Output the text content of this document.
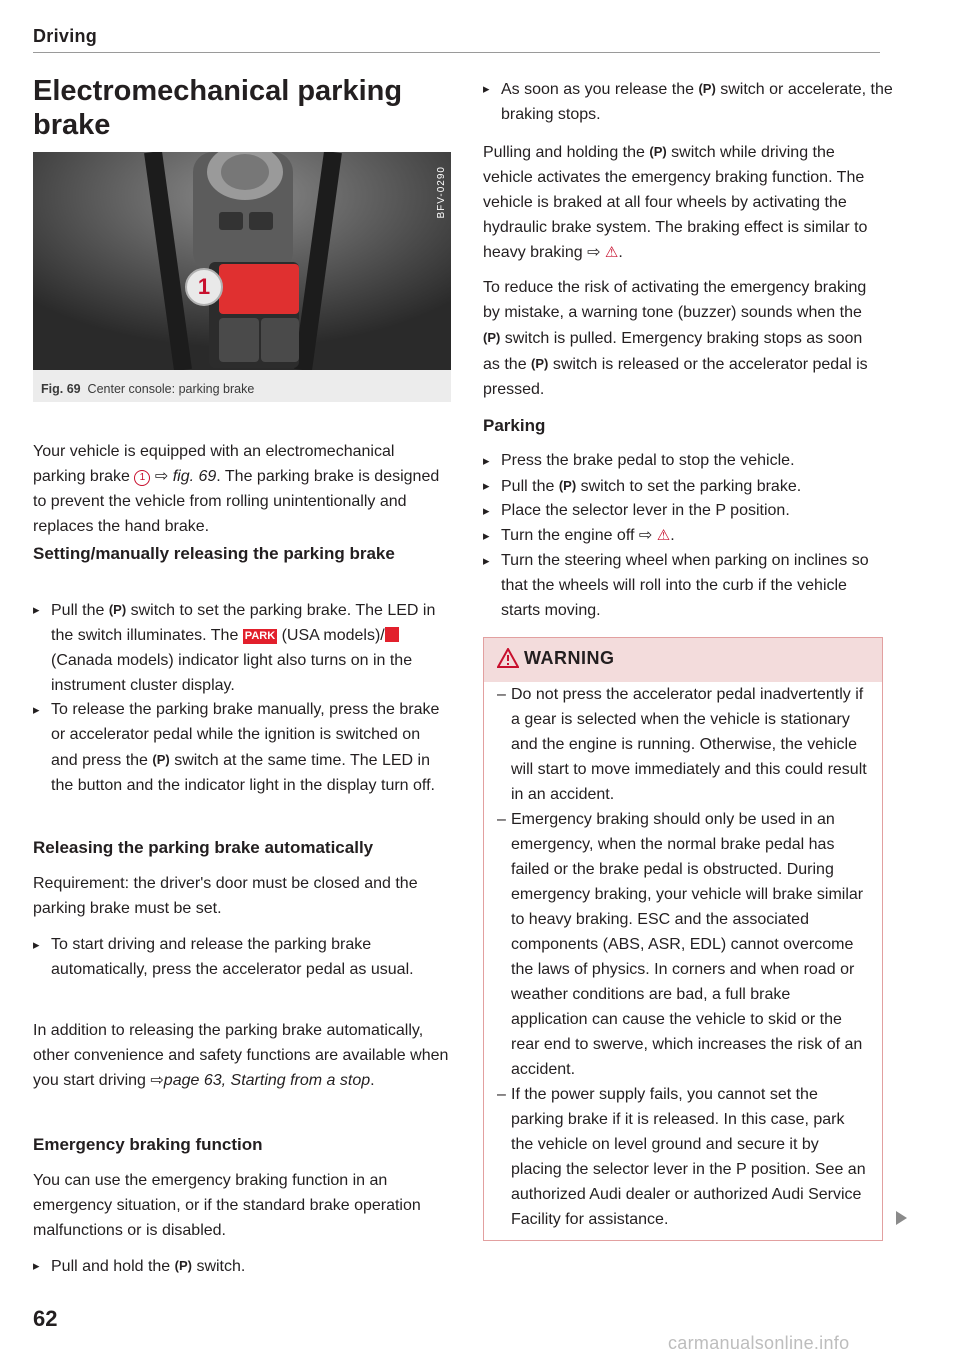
Driving
Electromechanical parking brake
BFV-0290
1
Fig. 69 Center console: parking brake

Your vehicle is equipped with an electromechanical parking brake 1 ⇨ fig. 69. The parking brake is designed to prevent the vehicle from rolling unintentionally and replaces the hand brake.

Setting/manually releasing the parking brake

▸ Pull the (P) switch to set the parking brake. The LED in the switch illuminates. The PARK (USA models)/ (Canada models) indicator light also turns on in the instrument cluster display.

▸ To release the parking brake manually, press the brake or accelerator pedal while the ignition is switched on and press the (P) switch at the same time. The LED in the button and the indicator light in the display turn off.

Releasing the parking brake automatically

Requirement: the driver's door must be closed and the parking brake must be set.

▸ To start driving and release the parking brake automatically, press the accelerator pedal as usual.

In addition to releasing the parking brake automatically, other convenience and safety functions are available when you start driving ⇨page 63, Starting from a stop.

Emergency braking function

You can use the emergency braking function in an emergency situation, or if the standard brake operation malfunctions or is disabled.

▸ Pull and hold the (P) switch.

62

▸ As soon as you release the (P) switch or accelerate, the braking stops.

Pulling and holding the (P) switch while driving the vehicle activates the emergency braking function. The vehicle is braked at all four wheels by activating the hydraulic brake system. The braking effect is similar to heavy braking ⇨ ⚠.

To reduce the risk of activating the emergency braking by mistake, a warning tone (buzzer) sounds when the (P) switch is pulled. Emergency braking stops as soon as the (P) switch is released or the accelerator pedal is pressed.

Parking

▸ Press the brake pedal to stop the vehicle.

▸ Pull the (P) switch to set the parking brake.

▸ Place the selector lever in the P position.

▸ Turn the engine off ⇨ ⚠.

▸ Turn the steering wheel when parking on inclines so that the wheels will roll into the curb if the vehicle starts moving.

WARNING

– Do not press the accelerator pedal inadvertently if a gear is selected when the vehicle is stationary and the engine is running. Otherwise, the vehicle will start to move immediately and this could result in an accident.

– Emergency braking should only be used in an emergency, when the normal brake pedal has failed or the brake pedal is obstructed. During emergency braking, your vehicle will brake similar to heavy braking. ESC and the associated components (ABS, ASR, EDL) cannot overcome the laws of physics. In corners and when road or weather conditions are bad, a full brake application can cause the vehicle to skid or the rear end to swerve, which increases the risk of an accident.

– If the power supply fails, you cannot set the parking brake if it is released. In this case, park the vehicle on level ground and secure it by placing the selector lever in the P position. See an authorized Audi dealer or authorized Audi Service Facility for assistance.

carmanualsonline.info
